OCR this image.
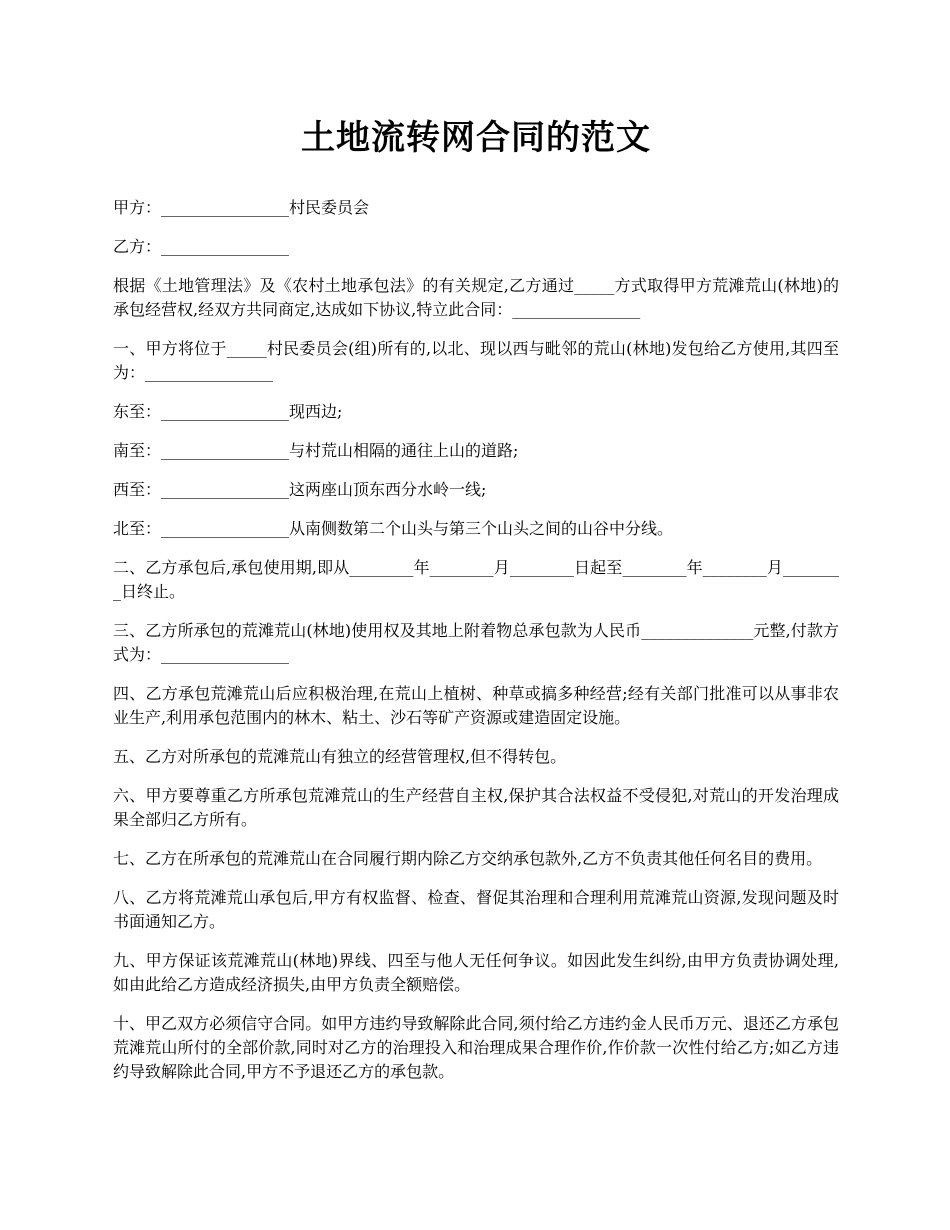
土地流转网合同的范文

甲方：________________村民委员会

乙方：________________

根据《土地管理法》及《农村土地承包法》的有关规定,乙方通过_____方式取得甲方荒滩荒山(林地)的承包经营权,经双方共同商定,达成如下协议,特立此合同：________________

一、甲方将位于_____村民委员会(组)所有的,以北、现以西与毗邻的荒山(林地)发包给乙方使用,其四至为：________________

东至：________________现西边;

南至：________________与村荒山相隔的通往上山的道路;

西至：________________这两座山顶东西分水岭一线;

北至：________________从南侧数第二个山头与第三个山头之间的山谷中分线。

二、乙方承包后,承包使用期,即从________年________月________日起至________年________月________日终止。

三、乙方所承包的荒滩荒山(林地)使用权及其地上附着物总承包款为人民币______________元整,付款方式为：________________

四、乙方承包荒滩荒山后应积极治理,在荒山上植树、种草或搞多种经营;经有关部门批准可以从事非农业生产,利用承包范围内的林木、粘土、沙石等矿产资源或建造固定设施。

五、乙方对所承包的荒滩荒山有独立的经营管理权,但不得转包。

六、甲方要尊重乙方所承包荒滩荒山的生产经营自主权,保护其合法权益不受侵犯,对荒山的开发治理成果全部归乙方所有。

七、乙方在所承包的荒滩荒山在合同履行期内除乙方交纳承包款外,乙方不负责其他任何名目的费用。

八、乙方将荒滩荒山承包后,甲方有权监督、检查、督促其治理和合理利用荒滩荒山资源,发现问题及时书面通知乙方。

九、甲方保证该荒滩荒山(林地)界线、四至与他人无任何争议。如因此发生纠纷,由甲方负责协调处理,如由此给乙方造成经济损失,由甲方负责全额赔偿。

十、甲乙双方必须信守合同。如甲方违约导致解除此合同,须付给乙方违约金人民币万元、退还乙方承包荒滩荒山所付的全部价款,同时对乙方的治理投入和治理成果合理作价,作价款一次性付给乙方;如乙方违约导致解除此合同,甲方不予退还乙方的承包款。
